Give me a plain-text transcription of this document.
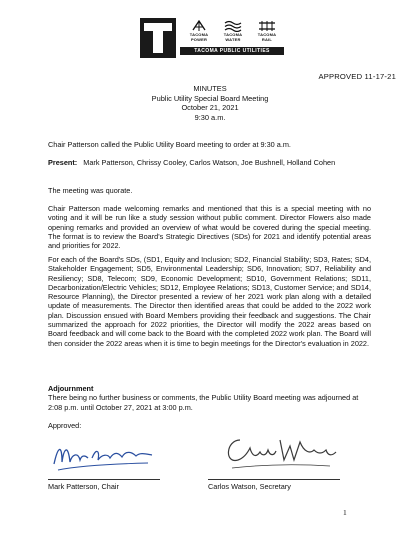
TACOMA
POWER
TACOMA
WATER
TACOMA
RAIL
TACOMA PUBLIC UTILITIES
APPROVED 11-17-21
MINUTES
Public Utility Special Board Meeting
October 21, 2021
9:30 a.m.
Chair Patterson called the Public Utility Board meeting to order at 9:30 a.m.
Present: Mark Patterson, Chrissy Cooley, Carlos Watson, Joe Bushnell, Holland Cohen
The meeting was quorate.
Chair Patterson made welcoming remarks and mentioned that this is a special meeting with no voting and it will be run like a study session without public comment. Director Flowers also made opening remarks and provided an overview of what would be covered during the special meeting. The format is to review the Board's Strategic Directives (SDs) for 2021 and identify potential areas and priorities for 2022.
For each of the Board's SDs, (SD1, Equity and Inclusion; SD2, Financial Stability; SD3, Rates; SD4, Stakeholder Engagement; SD5, Environmental Leadership; SD6, Innovation; SD7, Reliability and Resiliency; SD8, Telecom; SD9, Economic Development; SD10, Government Relations; SD11, Decarbonization/Electric Vehicles; SD12, Employee Relations; SD13, Customer Service; and SD14, Resource Planning), the Director presented a review of her 2021 work plan along with a detailed update of measurements. The Director then identified areas that could be added to the 2022 work plan. Discussion ensued with Board Members providing their feedback and suggestions. The Chair summarized the approach for 2022 priorities, the Director will modify the 2022 areas based on Board feedback and will come back to the Board with the completed 2022 work plan. The Board will then consider the 2022 areas when it is time to begin meetings for the Director's evaluation in 2022.
Adjournment
There being no further business or comments, the Public Utility Board meeting was adjourned at 2:08 p.m. until October 27, 2021 at 3:00 p.m.
Approved:
Mark Patterson, Chair	Carlos Watson, Secretary
1
